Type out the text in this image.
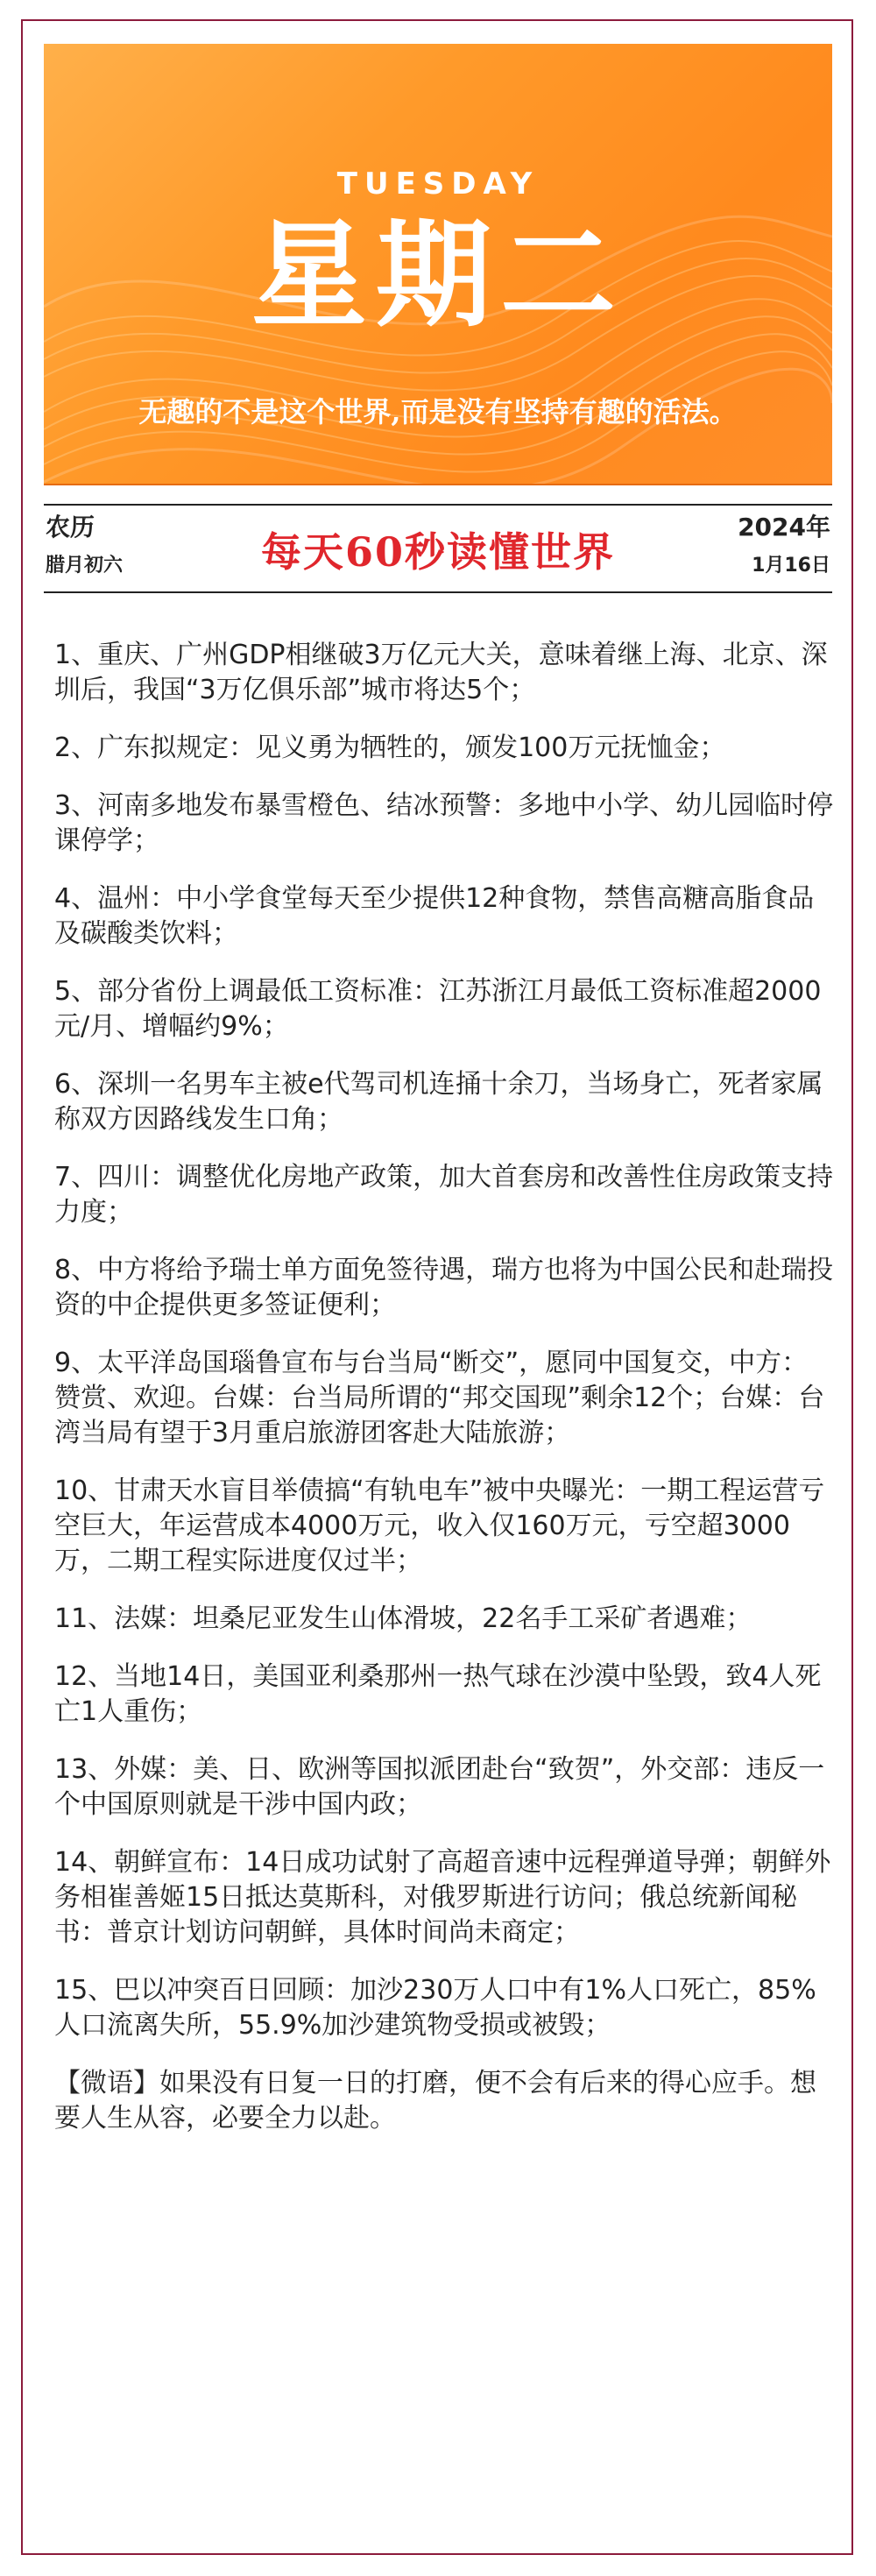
TUESDAY
星期二
无趣的不是这个世界,而是没有坚持有趣的活法。
农历
腊月初六	每天60秒读懂世界
2024年
1月16日
1、重庆、广州GDP相继破3万亿元大关，意味着继上海、北京、深圳后，我国“3万亿俱乐部”城市将达5个；
2、广东拟规定：见义勇为牺牲的，颁发100万元抚恤金；
3、河南多地发布暴雪橙色、结冰预警：多地中小学、幼儿园临时停课停学；
4、温州：中小学食堂每天至少提供12种食物，禁售高糖高脂食品及碳酸类饮料；
5、部分省份上调最低工资标准：江苏浙江月最低工资标准超2000元/月、增幅约9%；
6、深圳一名男车主被e代驾司机连捅十余刀，当场身亡，死者家属称双方因路线发生口角；
7、四川：调整优化房地产政策，加大首套房和改善性住房政策支持力度；
8、中方将给予瑞士单方面免签待遇，瑞方也将为中国公民和赴瑞投资的中企提供更多签证便利；
9、太平洋岛国瑙鲁宣布与台当局“断交”，愿同中国复交，中方：赞赏、欢迎。台媒：台当局所谓的“邦交国现”剩余12个；台媒：台湾当局有望于3月重启旅游团客赴大陆旅游；
10、甘肃天水盲目举债搞“有轨电车”被中央曝光：一期工程运营亏空巨大，年运营成本4000万元，收入仅160万元，亏空超3000万，二期工程实际进度仅过半；
11、法媒：坦桑尼亚发生山体滑坡，22名手工采矿者遇难；
12、当地14日，美国亚利桑那州一热气球在沙漠中坠毁，致4人死亡1人重伤；
13、外媒：美、日、欧洲等国拟派团赴台“致贺”，外交部：违反一个中国原则就是干涉中国内政；
14、朝鲜宣布：14日成功试射了高超音速中远程弹道导弹；朝鲜外务相崔善姬15日抵达莫斯科，对俄罗斯进行访问；俄总统新闻秘书：普京计划访问朝鲜，具体时间尚未商定；
15、巴以冲突百日回顾：加沙230万人口中有1%人口死亡，85%人口流离失所，55.9%加沙建筑物受损或被毁；
【微语】如果没有日复一日的打磨，便不会有后来的得心应手。想要人生从容，必要全力以赴。
